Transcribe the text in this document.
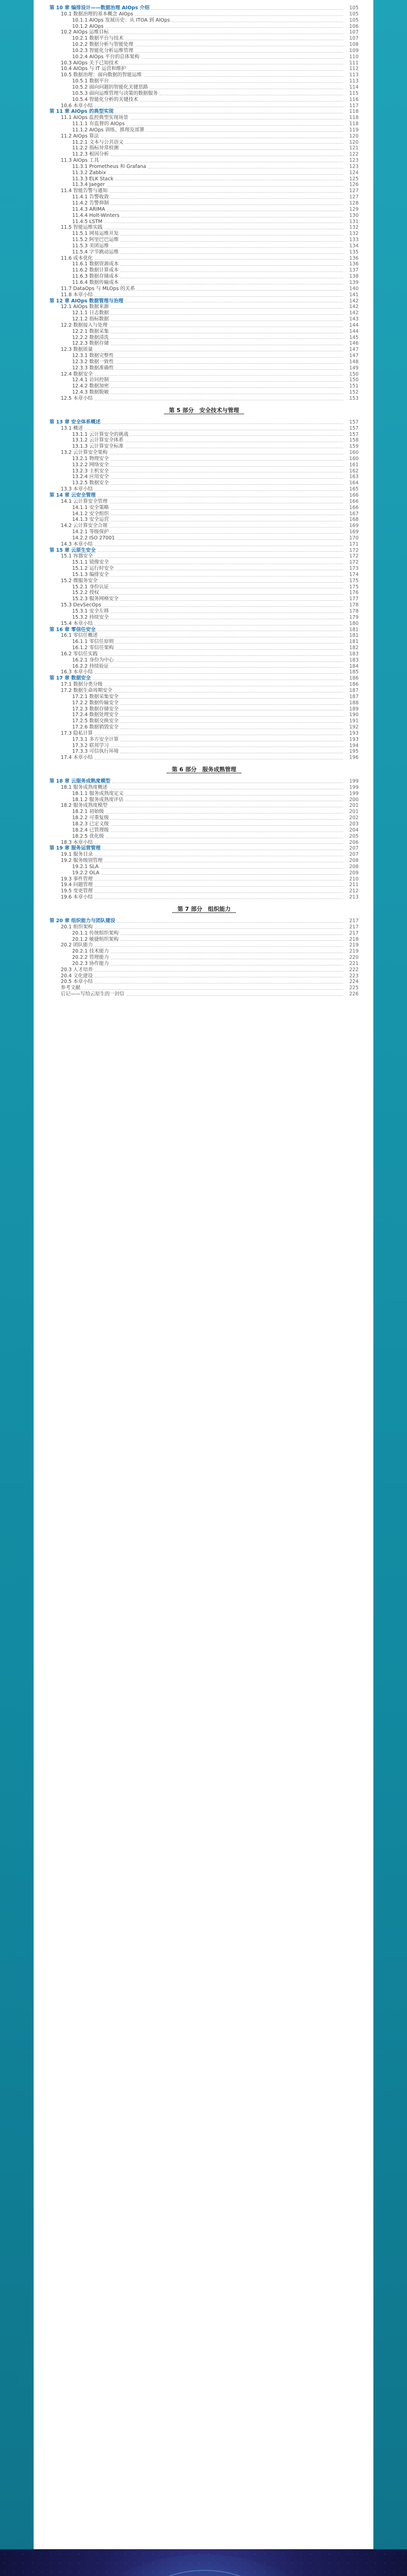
第 10 章 编排设计——数据治理 AIOps 介绍	105
10.1 数据治理的基本概念 AIOps	105
10.1.1 AIOps 发展历史：从 ITOA 到 AIOps	105
10.1.2 AIOps	106
10.2 AIOps 运维目标	107
10.2.1 数据平台与技术	107
10.2.2 数据分析与智能处理	108
10.2.3 智能化分析运维管理	109
10.2.4 AIOps 平台的总体架构	110
10.3 AIOps 关于已知技术	111
10.4 AIOps 与 IT 运营和维护	112
10.5 数据治理：面向数据的智能运维	113
10.5.1 数据平台	113
10.5.2 面向问题的智能化关键思路	114
10.5.3 面向运维管理与决策的数据服务	115
10.5.4 智能化分析的关键技术	116
10.6 本章小结	117
第 11 章 AIOps 的典型实现	118
11.1 AIOps 监控典型实现场景	118
11.1.1 有监督的 AIOps	118
11.1.2 AIOps 训练、推理及部署	119
11.2 AIOps 算法	120
11.2.1 文本与公共语义	120
11.2.2 指标异常检测	121
11.2.3 根因分析	122
11.3 AIOps 工具	123
11.3.1 Prometheus 和 Grafana	123
11.3.2 Zabbix	124
11.3.3 ELK Stack	125
11.3.4 Jaeger	126
11.4 智能告警与通知	127
11.4.1 告警收敛	127
11.4.2 告警抑制	128
11.4.3 ARIMA	129
11.4.4 Holt-Winters	130
11.4.5 LSTM	131
11.5 智能运维实践	132
11.5.1 网易运维开发	132
11.5.2 阿里巴巴运维	133
11.5.3 美团运维	134
11.5.4 字节跳动运维	135
11.6 成本优化	136
11.6.1 数据资源成本	136
11.6.2 数据计算成本	137
11.6.3 数据存储成本	138
11.6.4 数据传输成本	139
11.7 DataOps 与 MLOps 的关系	140
11.8 本章小结	141
第 12 章 AIOps 数据管理与治理	142
12.1 AIOps 数据来源	142
12.1.1 日志数据	142
12.1.2 指标数据	143
12.2 数据接入与处理	144
12.2.1 数据采集	144
12.2.2 数据清洗	145
12.2.3 数据存储	146
12.3 数据质量	147
12.3.1 数据完整性	147
12.3.2 数据一致性	148
12.3.3 数据准确性	149
12.4 数据安全	150
12.4.1 访问控制	150
12.4.2 数据加密	151
12.4.3 数据脱敏	152
12.5 本章小结	153
第 5 部分　安全技术与管理
第 13 章 安全体系概述	157
13.1 概述	157
13.1.1 云计算安全的挑战	157
13.1.2 云计算安全体系	158
13.1.3 云计算安全标准	159
13.2 云计算安全架构	160
13.2.1 物理安全	160
13.2.2 网络安全	161
13.2.3 主机安全	162
13.2.4 应用安全	163
13.2.5 数据安全	164
13.3 本章小结	165
第 14 章 云安全管理	166
14.1 云计算安全管理	166
14.1.1 安全策略	166
14.1.2 安全组织	167
14.1.3 安全运营	168
14.2 云计算安全合规	169
14.2.1 等级保护	169
14.2.2 ISO 27001	170
14.3 本章小结	171
第 15 章 云原生安全	172
15.1 容器安全	172
15.1.1 镜像安全	172
15.1.2 运行时安全	173
15.1.3 编排安全	174
15.2 微服务安全	175
15.2.1 身份认证	175
15.2.2 授权	176
15.2.3 服务网格安全	177
15.3 DevSecOps	178
15.3.1 安全左移	178
15.3.2 持续安全	179
15.4 本章小结	180
第 16 章 零信任安全	181
16.1 零信任概述	181
16.1.1 零信任原则	181
16.1.2 零信任架构	182
16.2 零信任实践	183
16.2.1 身份为中心	183
16.2.2 持续验证	184
16.3 本章小结	185
第 17 章 数据安全	186
17.1 数据分类分级	186
17.2 数据生命周期安全	187
17.2.1 数据采集安全	187
17.2.2 数据传输安全	188
17.2.3 数据存储安全	189
17.2.4 数据处理安全	190
17.2.5 数据交换安全	191
17.2.6 数据销毁安全	192
17.3 隐私计算	193
17.3.1 多方安全计算	193
17.3.2 联邦学习	194
17.3.3 可信执行环境	195
17.4 本章小结	196
第 6 部分　服务成熟管理
第 18 章 云服务成熟度模型	199
18.1 服务成熟度概述	199
18.1.1 服务成熟度定义	199
18.1.2 服务成熟度评估	200
18.2 服务成熟度模型	201
18.2.1 初始级	201
18.2.2 可重复级	202
18.2.3 已定义级	203
18.2.4 已管理级	204
18.2.5 优化级	205
18.3 本章小结	206
第 19 章 服务运营管理	207
19.1 服务目录	207
19.2 服务级别管理	208
19.2.1 SLA	208
19.2.2 OLA	209
19.3 事件管理	210
19.4 问题管理	211
19.5 变更管理	212
19.6 本章小结	213
第 7 部分　组织能力
第 20 章 组织能力与团队建设	217
20.1 组织架构	217
20.1.1 传统组织架构	217
20.1.2 敏捷组织架构	218
20.2 团队能力	219
20.2.1 技术能力	219
20.2.2 管理能力	220
20.2.3 协作能力	221
20.3 人才培养	222
20.4 文化建设	223
20.5 本章小结	224
参考文献	225
后记——写给云原生的一封信	226
